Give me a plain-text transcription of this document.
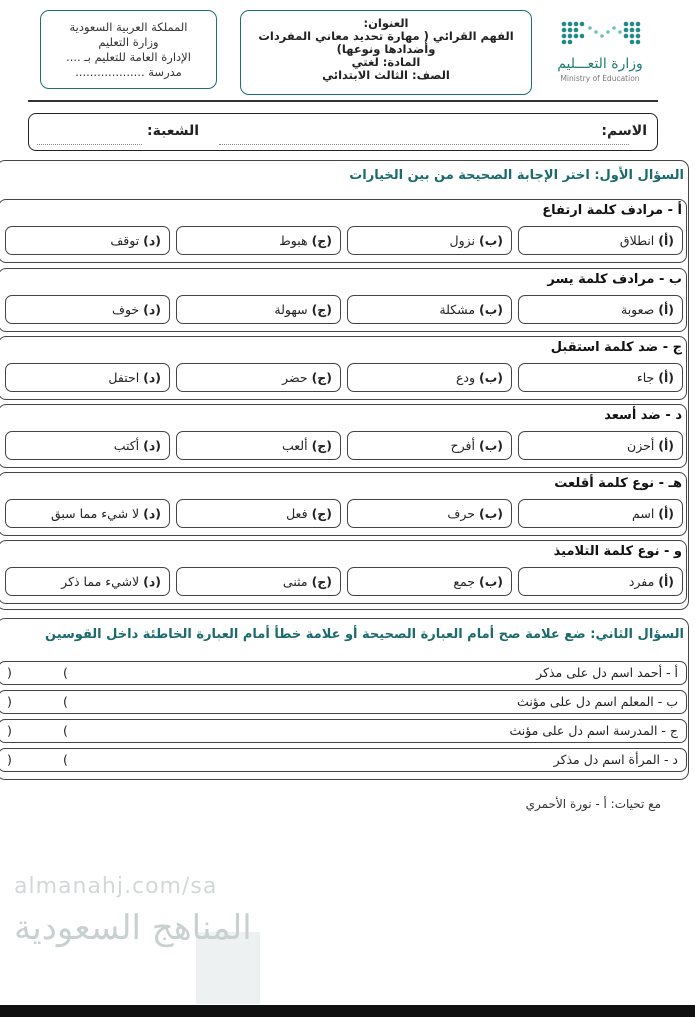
المملكة العربية السعودية
وزارة التعليم
الإدارة العامة للتعليم بـ ....
مدرسة ...................
العنوان:
الفهم القرائي ( مهارة تحديد معاني المفردات
وأضدادها ونوعها)
المادة: لغتي
الصف: الثالث الابتدائي
وزارة التعـــليم
Ministry of Education
الاسم:
الشعبة:
السؤال الأول: اختر الإجابة الصحيحة من بين الخيارات
أ - مرادف كلمة ارتفاع
(أ) انطلاق
(ب) نزول
(ج) هبوط
(د) توقف
ب - مرادف كلمة يسر
(أ) صعوبة
(ب) مشكلة
(ج) سهولة
(د) خوف
ج - ضد كلمة استقبل
(أ) جاء
(ب) ودع
(ج) حضر
(د) احتفل
د - ضد أسعد
(أ) أحزن
(ب) أفرح
(ج) ألعب
(د) أكتب
هـ - نوع كلمة أقلعت
(أ) اسم
(ب) حرف
(ج) فعل
(د) لا شيء مما سبق
و - نوع كلمة التلاميذ
(أ) مفرد
(ب) جمع
(ج) مثنى
(د) لاشيء مما ذكر
السؤال الثاني: ضع علامة صح أمام العبارة الصحيحة أو علامة خطأ أمام العبارة الخاطئة داخل القوسين
أ - أحمد اسم دل على مذكر
(
)
ب - المعلم اسم دل على مؤنث
(
)
ج - المدرسة اسم دل على مؤنث
(
)
د - المرأة اسم دل مذكر
(
)
مع تحيات: أ - نورة الأحمري
almanahj.com/sa
المناهج السعودية
